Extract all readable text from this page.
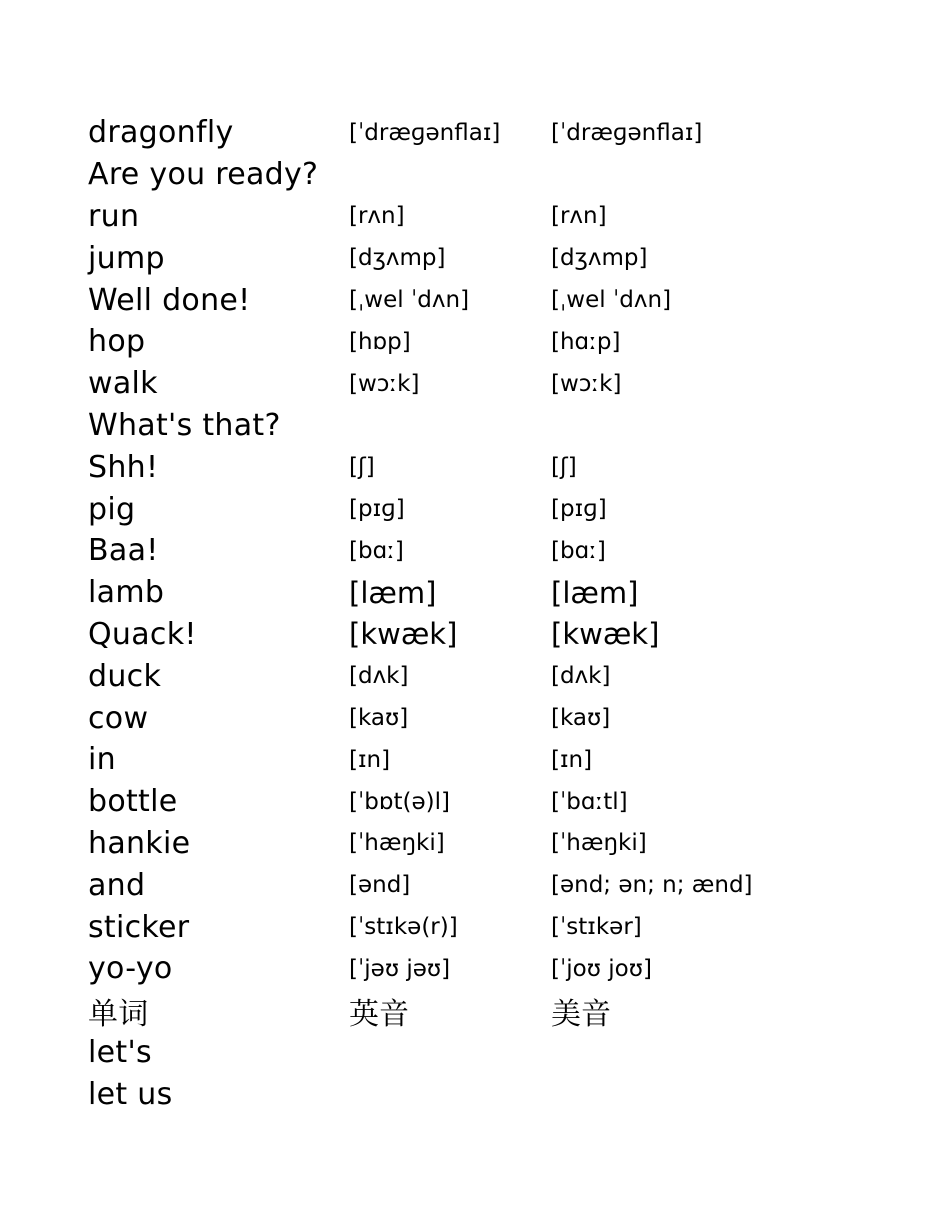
dragonfly	[ˈdræɡənflaɪ]	[ˈdræɡənflaɪ]
Are you ready?
run	[rʌn]	[rʌn]
jump	[dʒʌmp]	[dʒʌmp]
Well done!	[ˌwel ˈdʌn]	[ˌwel ˈdʌn]
hop	[hɒp]	[hɑːp]
walk	[wɔːk]	[wɔːk]
What's that?
Shh!	[ʃ]	[ʃ]
pig	[pɪɡ]	[pɪɡ]
Baa!	[bɑː]	[bɑː]
lamb	[læm]	[læm]
Quack!	[kwæk]	[kwæk]
duck	[dʌk]	[dʌk]
cow	[kaʊ]	[kaʊ]
in	[ɪn]	[ɪn]
bottle	[ˈbɒt(ə)l]	[ˈbɑːtl]
hankie	[ˈhæŋki]	[ˈhæŋki]
and	[ənd]	[ənd; ən; n; ænd]
sticker	[ˈstɪkə(r)]	[ˈstɪkər]
yo-yo	[ˈjəʊ jəʊ]	[ˈjoʊ joʊ]
单词	英音	美音
let's
let us
